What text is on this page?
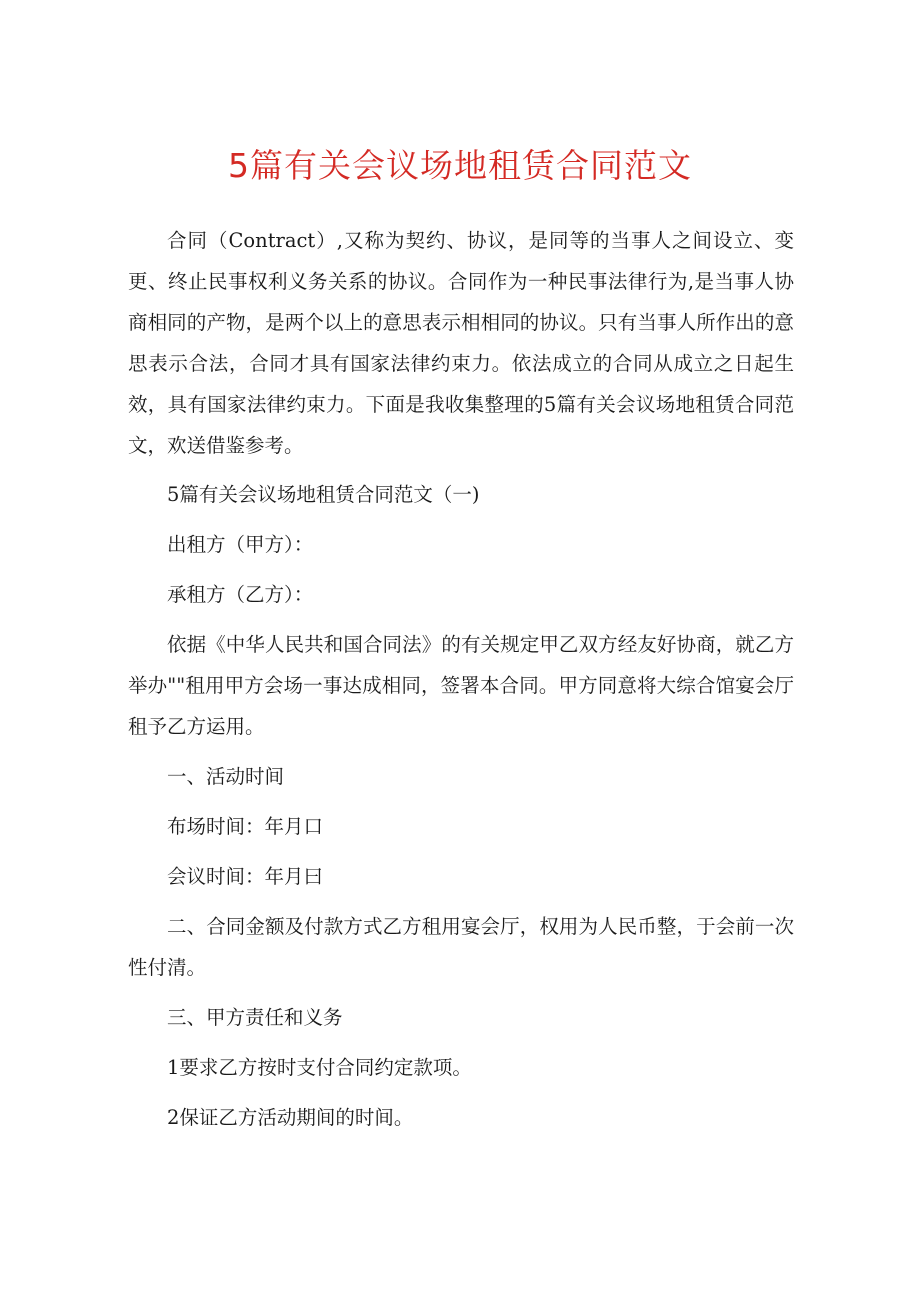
5篇有关会议场地租赁合同范文

合同（Contract）,又称为契约、协议，是同等的当事人之间设立、变更、终止民事权利义务关系的协议。合同作为一种民事法律行为,是当事人协商相同的产物，是两个以上的意思表示相相同的协议。只有当事人所作出的意思表示合法，合同才具有国家法律约束力。依法成立的合同从成立之日起生效，具有国家法律约束力。下面是我收集整理的5篇有关会议场地租赁合同范文，欢送借鉴参考。

5篇有关会议场地租赁合同范文（一)

出租方（甲方）：

承租方（乙方）：

依据《中华人民共和国合同法》的有关规定甲乙双方经友好协商，就乙方举办""租用甲方会场一事达成相同，签署本合同。甲方同意将大综合馆宴会厅租予乙方运用。

一、活动时间

布场时间：年月口

会议时间：年月曰

二、合同金额及付款方式乙方租用宴会厅，权用为人民币整，于会前一次性付清。

三、甲方责任和义务

1要求乙方按时支付合同约定款项。

2保证乙方活动期间的时间。
